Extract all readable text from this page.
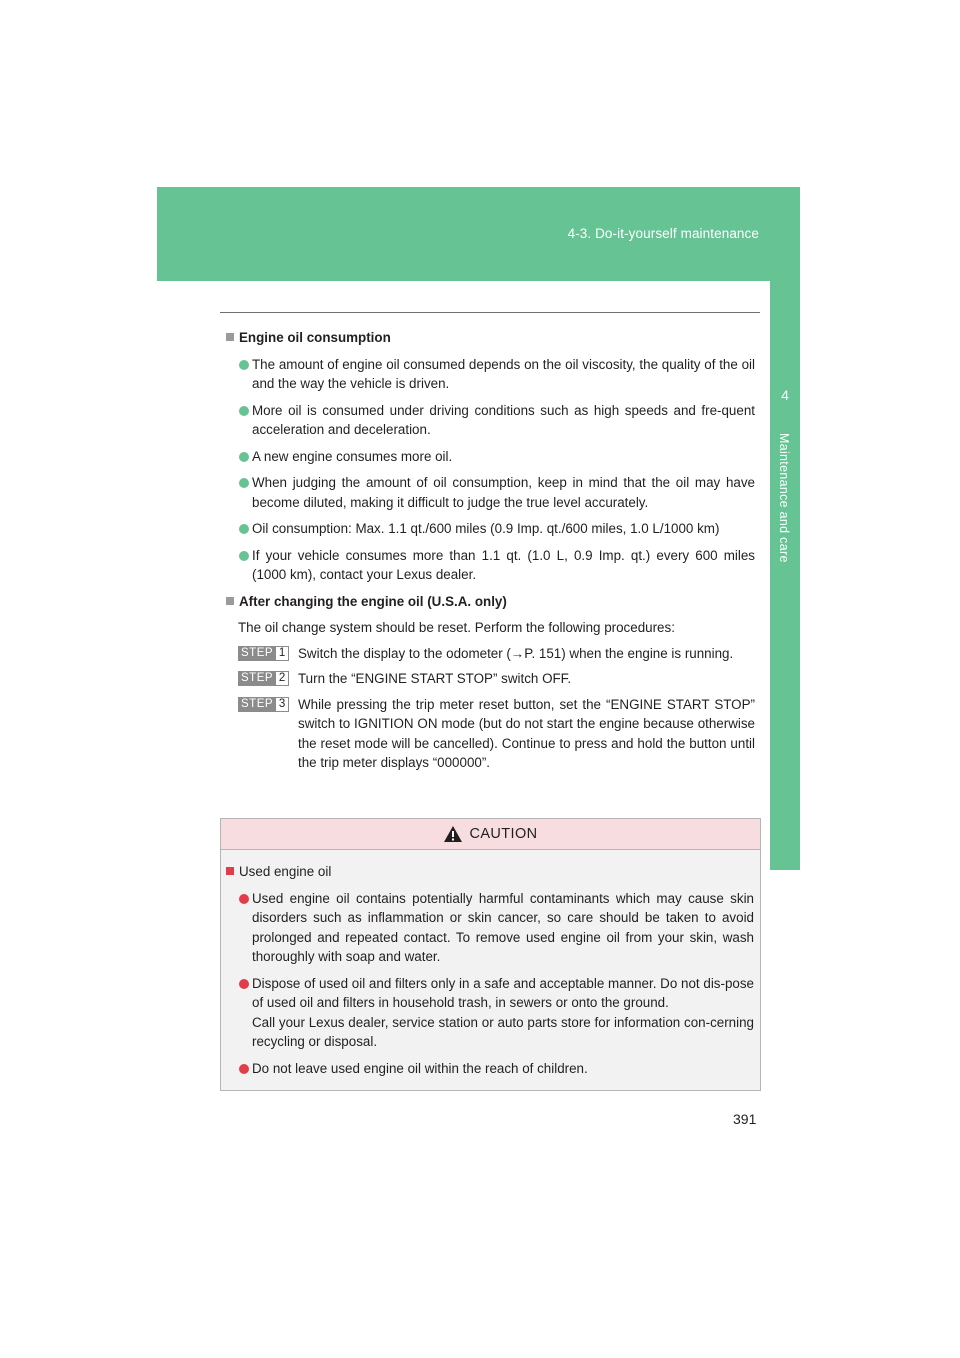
4-3. Do-it-yourself maintenance
4
Maintenance and care
Engine oil consumption
The amount of engine oil consumed depends on the oil viscosity, the quality of the oil and the way the vehicle is driven.
More oil is consumed under driving conditions such as high speeds and fre-quent acceleration and deceleration.
A new engine consumes more oil.
When judging the amount of oil consumption, keep in mind that the oil may have become diluted, making it difficult to judge the true level accurately.
Oil consumption: Max. 1.1 qt./600 miles (0.9 Imp. qt./600 miles, 1.0 L/1000 km)
If your vehicle consumes more than 1.1 qt. (1.0 L, 0.9 Imp. qt.) every 600 miles (1000 km), contact your Lexus dealer.
After changing the engine oil (U.S.A. only)
The oil change system should be reset. Perform the following procedures:
STEP 1 Switch the display to the odometer (→P. 151) when the engine is running.
STEP 2 Turn the “ENGINE START STOP” switch OFF.
STEP 3 While pressing the trip meter reset button, set the “ENGINE START STOP” switch to IGNITION ON mode (but do not start the engine because otherwise the reset mode will be cancelled). Continue to press and hold the button until the trip meter displays “000000”.
CAUTION
Used engine oil
Used engine oil contains potentially harmful contaminants which may cause skin disorders such as inflammation or skin cancer, so care should be taken to avoid prolonged and repeated contact. To remove used engine oil from your skin, wash thoroughly with soap and water.
Dispose of used oil and filters only in a safe and acceptable manner. Do not dis-pose of used oil and filters in household trash, in sewers or onto the ground.
Call your Lexus dealer, service station or auto parts store for information con-cerning recycling or disposal.
Do not leave used engine oil within the reach of children.
391
